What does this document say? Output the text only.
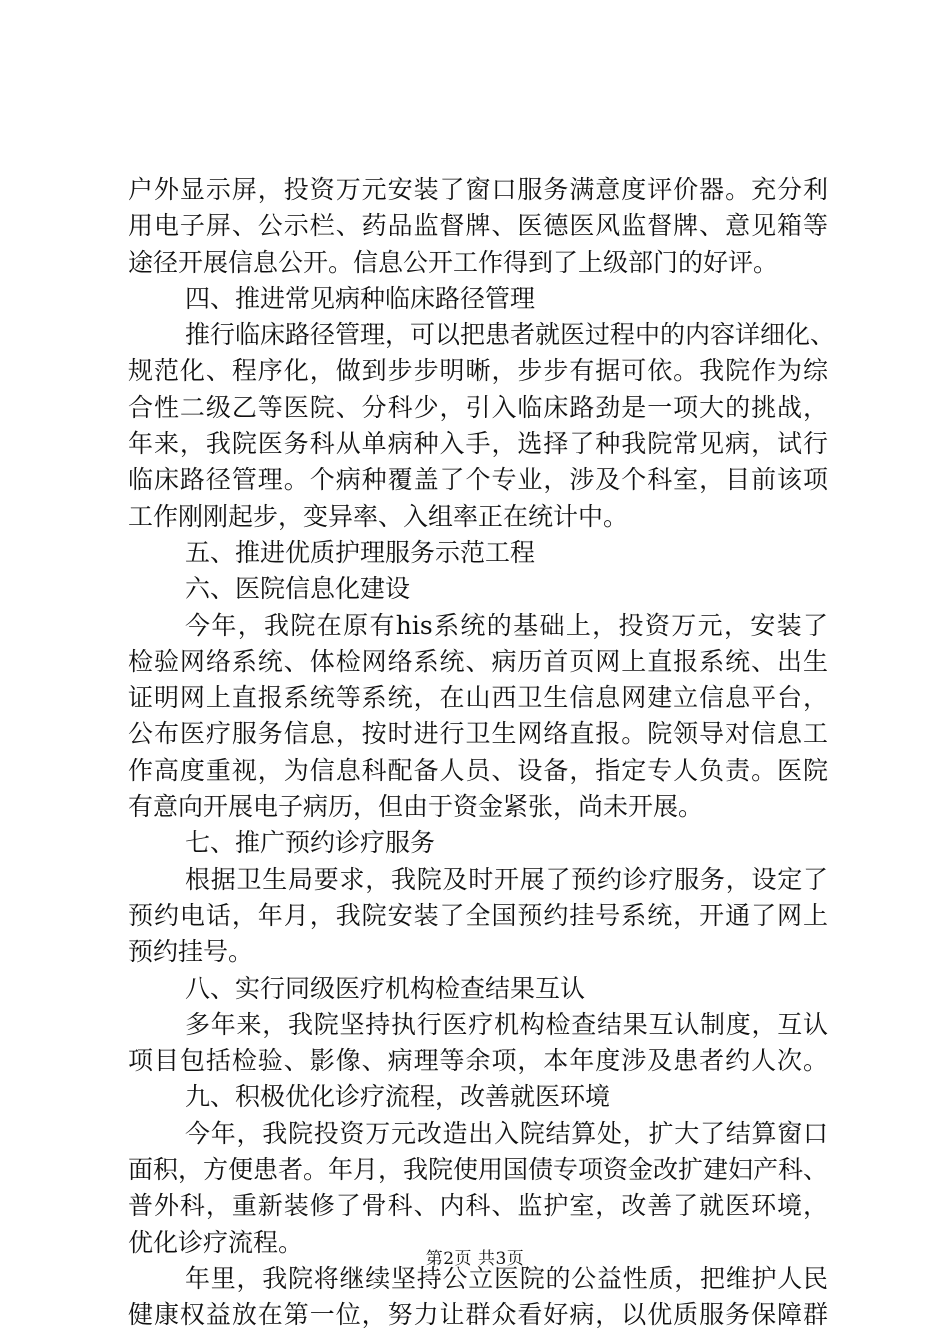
户外显示屏，投资万元安装了窗口服务满意度评价器。充分利
用电子屏、公示栏、药品监督牌、医德医风监督牌、意见箱等
途径开展信息公开。信息公开工作得到了上级部门的好评。
四、推进常见病种临床路径管理
推行临床路径管理，可以把患者就医过程中的内容详细化、
规范化、程序化，做到步步明晰，步步有据可依。我院作为综
合性二级乙等医院、分科少，引入临床路劲是一项大的挑战，
年来，我院医务科从单病种入手，选择了种我院常见病，试行
临床路径管理。个病种覆盖了个专业，涉及个科室，目前该项
工作刚刚起步，变异率、入组率正在统计中。
五、推进优质护理服务示范工程
六、医院信息化建设
今年，我院在原有his系统的基础上，投资万元，安装了
检验网络系统、体检网络系统、病历首页网上直报系统、出生
证明网上直报系统等系统，在山西卫生信息网建立信息平台，
公布医疗服务信息，按时进行卫生网络直报。院领导对信息工
作高度重视，为信息科配备人员、设备，指定专人负责。医院
有意向开展电子病历，但由于资金紧张，尚未开展。
七、推广预约诊疗服务
根据卫生局要求，我院及时开展了预约诊疗服务，设定了
预约电话，年月，我院安装了全国预约挂号系统，开通了网上
预约挂号。
八、实行同级医疗机构检查结果互认
多年来，我院坚持执行医疗机构检查结果互认制度，互认
项目包括检验、影像、病理等余项，本年度涉及患者约人次。
九、积极优化诊疗流程，改善就医环境
今年，我院投资万元改造出入院结算处，扩大了结算窗口
面积，方便患者。年月，我院使用国债专项资金改扩建妇产科、
普外科，重新装修了骨科、内科、监护室，改善了就医环境，
优化诊疗流程。
年里，我院将继续坚持公立医院的公益性质，把维护人民
健康权益放在第一位，努力让群众看好病，以优质服务保障群
第2页 共3页
